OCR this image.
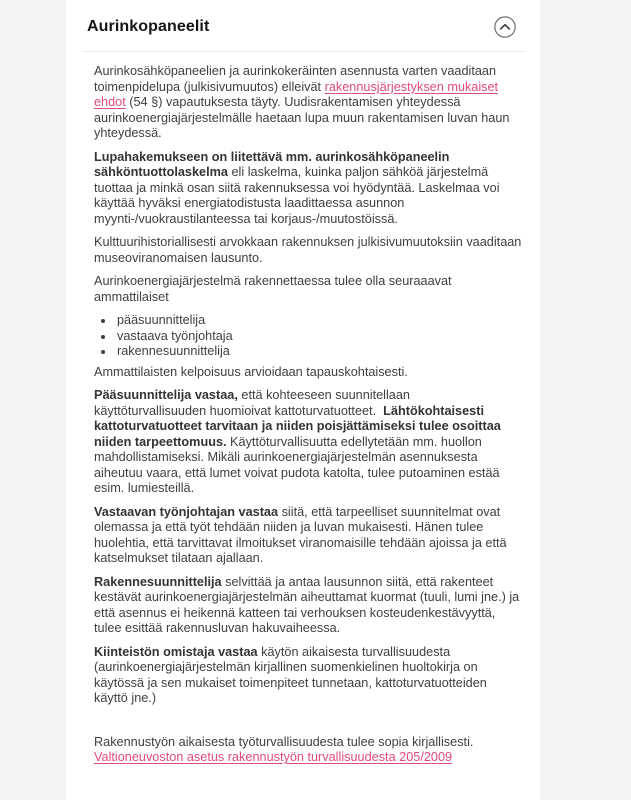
Aurinkopaneelit

Aurinkosähköpaneelien ja aurinkokeräinten asennusta varten vaaditaan toimenpidelupa (julkisivumuutos) elleivät rakennusjärjestyksen mukaiset ehdot (54 §) vapautuksesta täyty. Uudisrakentamisen yhteydessä aurinkoenergiajärjestelmälle haetaan lupa muun rakentamisen luvan haun yhteydessä.

Lupahakemukseen on liitettävä mm. aurinkosähköpaneelin sähköntuottolaskelma eli laskelma, kuinka paljon sähköä järjestelmä tuottaa ja minkä osan siitä rakennuksessa voi hyödyntää. Laskelmaa voi käyttää hyväksi energiatodistusta laadittaessa asunnon myynti-/vuokraustilanteessa tai korjaus-/muutostöissä.

Kulttuurihistoriallisesti arvokkaan rakennuksen julkisivumuutoksiin vaaditaan museoviranomaisen lausunto.

Aurinkoenergiajärjestelmä rakennettaessa tulee olla seuraaavat ammattilaiset

• pääsuunnittelija
• vastaava työnjohtaja
• rakennesuunnittelija

Ammattilaisten kelpoisuus arvioidaan tapauskohtaisesti.

Pääsuunnittelija vastaa, että kohteeseen suunnitellaan käyttöturvallisuuden huomioivat kattoturvatuotteet.  Lähtökohtaisesti kattoturvatuotteet tarvitaan ja niiden poisjättämiseksi tulee osoittaa niiden tarpeettomuus. Käyttöturvallisuutta edellytetään mm. huollon mahdollistamiseksi. Mikäli aurinkoenergiajärjestelmän asennuksesta aiheutuu vaara, että lumet voivat pudota katolta, tulee putoaminen estää esim. lumiesteillä.

Vastaavan työnjohtajan vastaa siitä, että tarpeelliset suunnitelmat ovat olemassa ja että työt tehdään niiden ja luvan mukaisesti. Hänen tulee huolehtia, että tarvittavat ilmoitukset viranomaisille tehdään ajoissa ja että katselmukset tilataan ajallaan.

Rakennesuunnittelija selvittää ja antaa lausunnon siitä, että rakenteet kestävät aurinkoenergiajärjestelmän aiheuttamat kuormat (tuuli, lumi jne.) ja että asennus ei heikennä katteen tai verhouksen kosteudenkestävyyttä, tulee esittää rakennusluvan hakuvaiheessa.

Kiinteistön omistaja vastaa käytön aikaisesta turvallisuudesta (aurinkoenergiajärjestelmän kirjallinen suomenkielinen huoltokirja on käytössä ja sen mukaiset toimenpiteet tunnetaan, kattoturvatuotteiden käyttö jne.)

Rakennustyön aikaisesta työturvallisuudesta tulee sopia kirjallisesti. Valtioneuvoston asetus rakennustyön turvallisuudesta 205/2009
